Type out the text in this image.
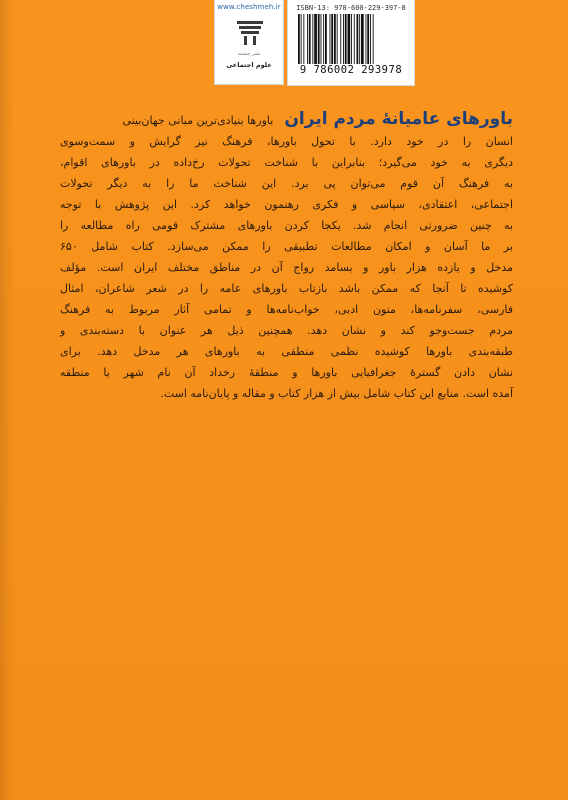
www.cheshmeh.ir
نشر چشمه
علوم اجتماعی
ISBN-13: 978-600-229-397-8
9 786002 293978
باورهای عامیانهٔ مردم ایران باورها بنیادی‌ترین مبانی جهان‌بینی
انسان را در خود دارد. با تحول باورها، فرهنگ نیز گرایش و سمت‌وسوی
دیگری به خود می‌گیرد؛ بنابراین با شناخت تحولات رخ‌داده در باورهای اقوام،
به فرهنگ آن قوم می‌توان پی برد. این شناخت ما را به دیگر تحولات
اجتماعی، اعتقادی، سیاسی و فکری رهنمون خواهد کرد. این پژوهش با توجه
به چنین ضرورتی انجام شد. یکجا کردن باورهای مشترک قومی راه مطالعه را
بر ما آسان و امکان مطالعات تطبیقی را ممکن می‌سازد. کتاب شامل ۶۵۰
مدخل و یازده هزار باور و بسامد رواج آن در مناطق مختلف ایران است. مؤلف
کوشیده تا آنجا که ممکن باشد بازتاب باورهای عامه را در شعر شاعران، امثال
فارسی، سفرنامه‌ها، متون ادبی، خواب‌نامه‌ها و تمامی آثار مربوط به فرهنگ
مردم جست‌وجو کند و نشان دهد. همچنین ذیل هر عنوان با دسته‌بندی و
طبقه‌بندی باورها کوشیده نظمی منطقی به باورهای هر مدخل دهد. برای
نشان دادن گسترهٔ جغرافیایی باورها و منطقهٔ رخداد آن نام شهر یا منطقه
آمده است. منابع این کتاب شامل بیش از هزار کتاب و مقاله و پایان‌نامه است.
